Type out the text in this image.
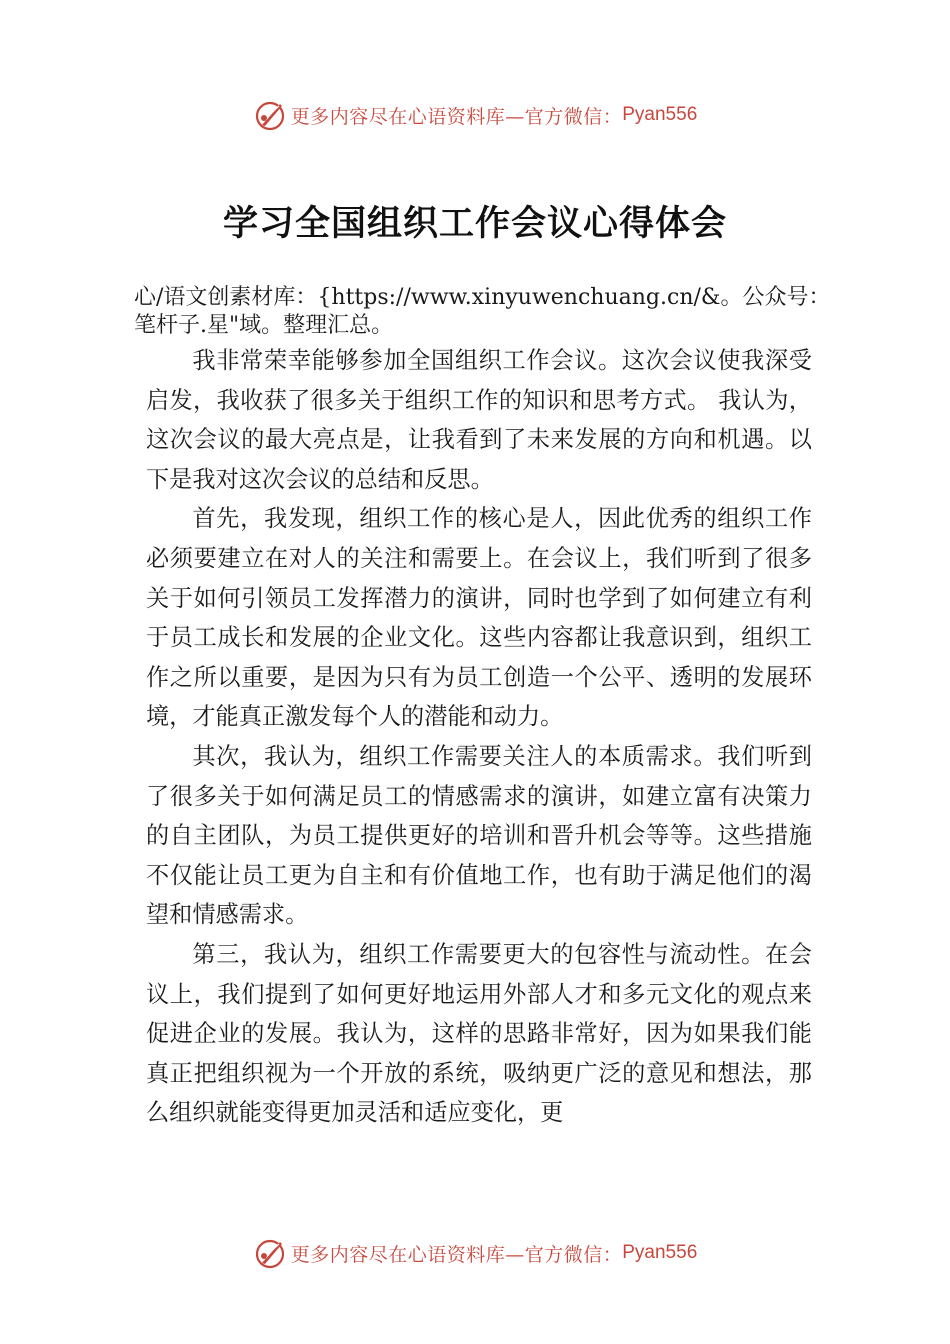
更多内容尽在心语资料库—官方微信： Pyan556
学习全国组织工作会议心得体会

心/语文创素材库：{https://www.xinyuwenchuang.cn/&。公众号：笔杆子.星"域。整理汇总。

我非常荣幸能够参加全国组织工作会议。这次会议使我深受启发，我收获了很多关于组织工作的知识和思考方式。 我认为，这次会议的最大亮点是，让我看到了未来发展的方向和机遇。以下是我对这次会议的总结和反思。

首先，我发现，组织工作的核心是人，因此优秀的组织工作必须要建立在对人的关注和需要上。在会议上，我们听到了很多关于如何引领员工发挥潜力的演讲，同时也学到了如何建立有利于员工成长和发展的企业文化。这些内容都让我意识到，组织工作之所以重要，是因为只有为员工创造一个公平、透明的发展环境，才能真正激发每个人的潜能和动力。

其次，我认为，组织工作需要关注人的本质需求。我们听到了很多关于如何满足员工的情感需求的演讲，如建立富有决策力的自主团队，为员工提供更好的培训和晋升机会等等。这些措施不仅能让员工更为自主和有价值地工作，也有助于满足他们的渴望和情感需求。

第三，我认为，组织工作需要更大的包容性与流动性。在会议上，我们提到了如何更好地运用外部人才和多元文化的观点来促进企业的发展。我认为，这样的思路非常好，因为如果我们能真正把组织视为一个开放的系统，吸纳更广泛的意见和想法，那么组织就能变得更加灵活和适应变化，更

更多内容尽在心语资料库—官方微信： Pyan556
